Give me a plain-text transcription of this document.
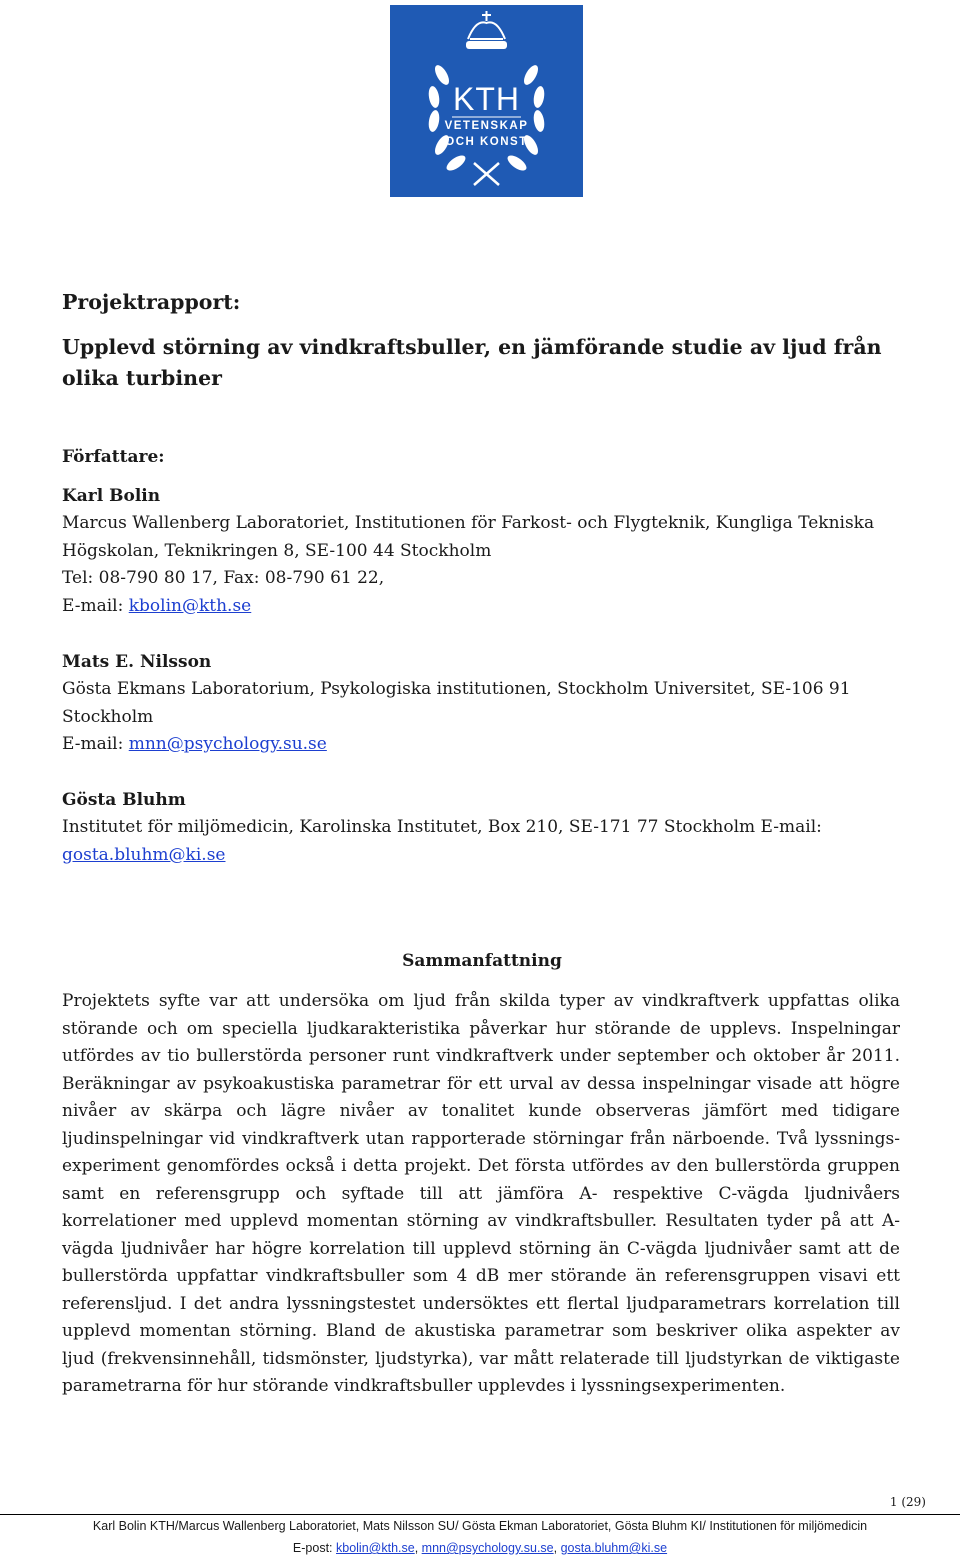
KTH
VETENSKAP
OCH KONST
Projektrapport:
Upplevd störning av vindkraftsbuller, en jämförande studie av ljud från olika turbiner
Författare:
Karl Bolin
Marcus Wallenberg Laboratoriet, Institutionen för Farkost- och Flygteknik, Kungliga Tekniska Högskolan, Teknikringen 8, SE-100 44 Stockholm
Tel: 08-790 80 17, Fax: 08-790 61 22,
E-mail: kbolin@kth.se
Mats E. Nilsson
Gösta Ekmans Laboratorium, Psykologiska institutionen, Stockholm Universitet, SE-106 91 Stockholm
E-mail: mnn@psychology.su.se
Gösta Bluhm
Institutet för miljömedicin, Karolinska Institutet, Box 210, SE-171 77 Stockholm E-mail:
gosta.bluhm@ki.se
Sammanfattning
Projektets syfte var att undersöka om ljud från skilda typer av vindkraftverk uppfattas olika störande och om speciella ljudkarakteristika påverkar hur störande de upplevs. Inspelningar utfördes av tio bullerstörda personer runt vindkraftverk under september och oktober år 2011. Beräkningar av psykoakustiska parametrar för ett urval av dessa inspelningar visade att högre nivåer av skärpa och lägre nivåer av tonalitet kunde observeras jämfört med tidigare ljudinspelningar vid vindkraftverk utan rapporterade störningar från närboende. Två lyssnings-experiment genomfördes också i detta projekt. Det första utfördes av den bullerstörda gruppen samt en referensgrupp och syftade till att jämföra A- respektive C-vägda ljudnivåers korrelationer med upplevd momentan störning av vindkraftsbuller. Resultaten tyder på att A-vägda ljudnivåer har högre korrelation till upplevd störning än C-vägda ljudnivåer samt att de bullerstörda uppfattar vindkraftsbuller som 4 dB mer störande än referensgruppen visavi ett referensljud. I det andra lyssningstestet undersöktes ett flertal ljudparametrars korrelation till upplevd momentan störning. Bland de akustiska parametrar som beskriver olika aspekter av ljud (frekvensinnehåll, tidsmönster, ljudstyrka), var mått relaterade till ljudstyrkan de viktigaste parametrarna för hur störande vindkraftsbuller upplevdes i lyssningsexperimenten.
1 (29)
Karl Bolin KTH/Marcus Wallenberg Laboratoriet, Mats Nilsson SU/ Gösta Ekman Laboratoriet, Gösta Bluhm KI/ Institutionen för miljömedicin
E-post: kbolin@kth.se, mnn@psychology.su.se, gosta.bluhm@ki.se
